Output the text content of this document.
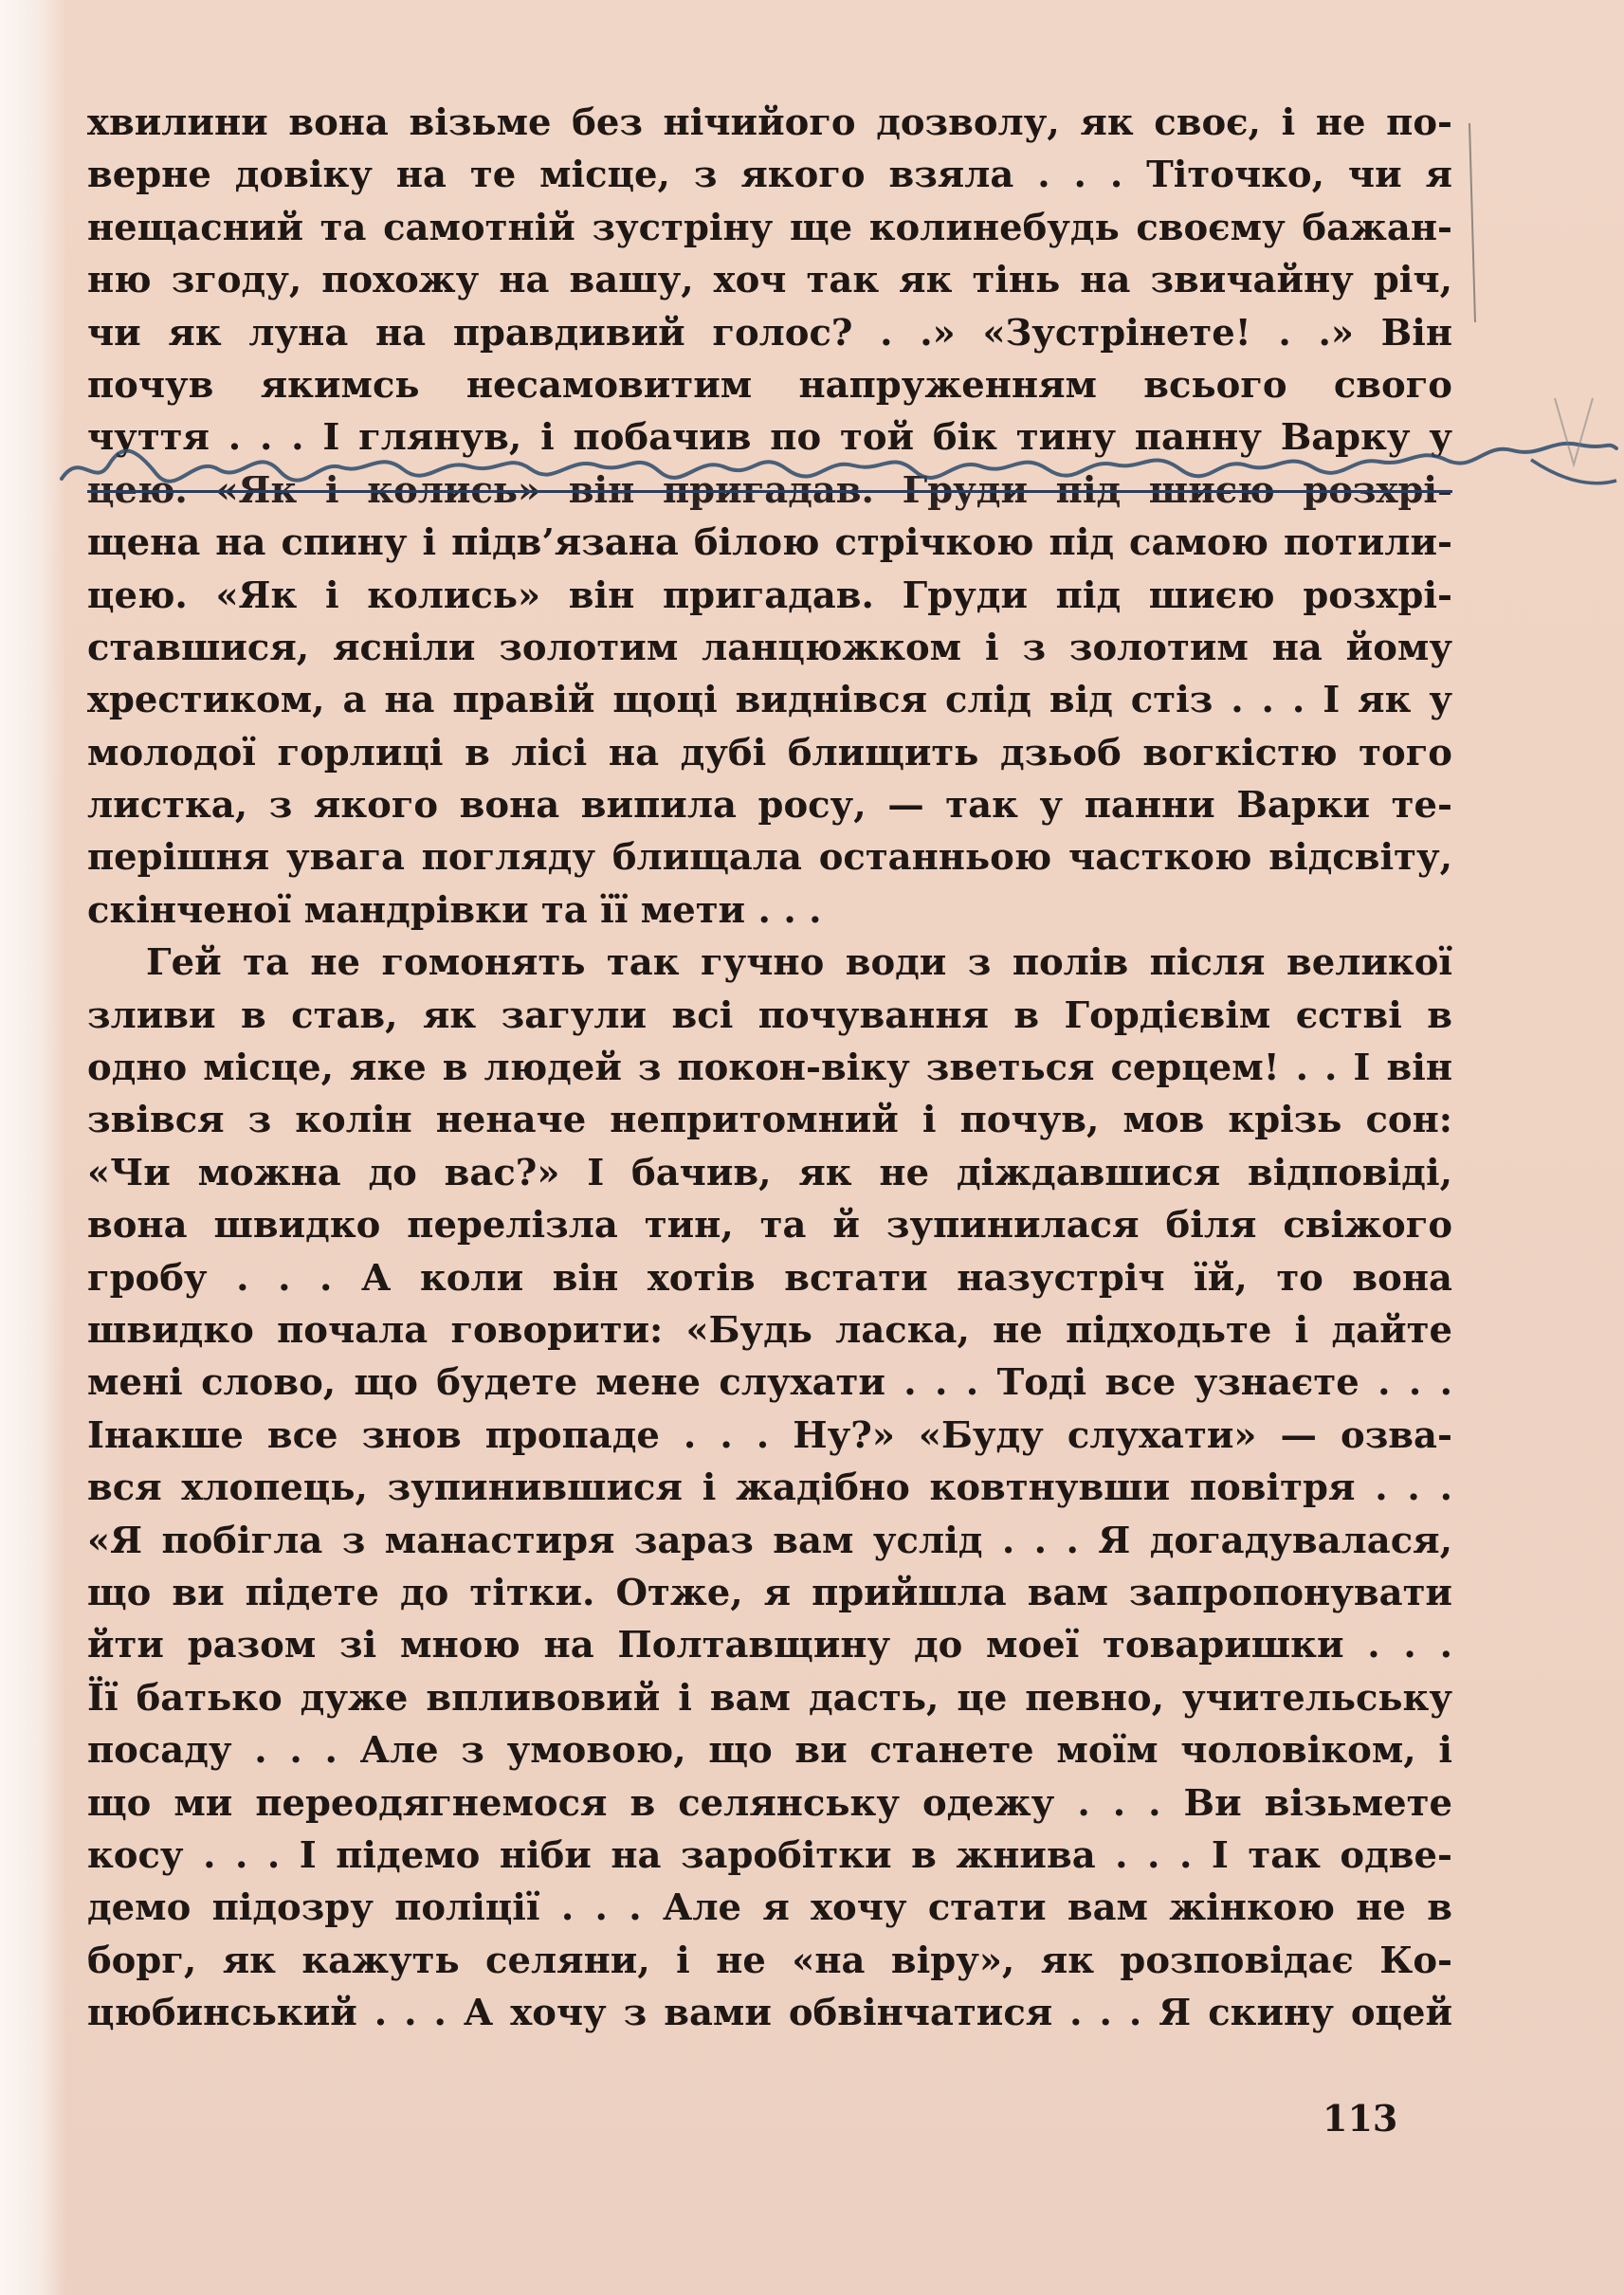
хвилини вона візьме без нічийого дозволу, як своє, і не по-
верне довіку на те місце, з якого взяла . . . Тіточко, чи я
нещасний та самотній зустріну ще колинебудь своєму бажан-
ню згоду, похожу на вашу, хоч так як тінь на звичайну річ,
чи як луна на правдивий голос? . .» «Зустрінете! . .» Він
почув якимсь несамовитим напруженням всього свого
чуття . . . І глянув, і побачив по той бік тину панну Варку у
цею. «Як і колись» він пригадав. Груди під шиєю розхрі-
щена на спину і підв’язана білою стрічкою під самою потили-
цею. «Як і колись» він пригадав. Груди під шиєю розхрі-
ставшися, ясніли золотим ланцюжком і з золотим на йому
хрестиком, а на правій щоці виднівся слід від стіз . . . І як у
молодої горлиці в лісі на дубі блищить дзьоб вогкістю того
листка, з якого вона випила росу, — так у панни Варки те-
перішня увага погляду блищала останньою часткою відсвіту,
скінченої мандрівки та її мети . . .
Гей та не гомонять так гучно води з полів після великої
зливи в став, як загули всі почування в Гордієвім єстві в
одно місце, яке в людей з покон-віку зветься серцем! . . І він
звівся з колін неначе непритомний і почув, мов крізь сон:
«Чи можна до вас?» І бачив, як не діждавшися відповіді,
вона швидко перелізла тин, та й зупинилася біля свіжого
гробу . . . А коли він хотів встати назустріч їй, то вона
швидко почала говорити: «Будь ласка, не підходьте і дайте
мені слово, що будете мене слухати . . . Тоді все узнаєте . . .
Інакше все знов пропаде . . . Ну?» «Буду слухати» — озва-
вся хлопець, зупинившися і жадібно ковтнувши повітря . . .
«Я побігла з манастиря зараз вам услід . . . Я догадувалася,
що ви підете до тітки. Отже, я прийшла вам запропонувати
йти разом зі мною на Полтавщину до моеї товаришки . . .
Її батько дуже впливовий і вам дасть, це певно, учительську
посаду . . . Але з умовою, що ви станете моїм чоловіком, і
що ми переодягнемося в селянську одежу . . . Ви візьмете
косу . . . І підемо ніби на заробітки в жнива . . . І так одве-
демо підозру поліції . . . Але я хочу стати вам жінкою не в
борг, як кажуть селяни, і не «на віру», як розповідає Ко-
цюбинський . . . А хочу з вами обвінчатися . . . Я скину оцей
113
